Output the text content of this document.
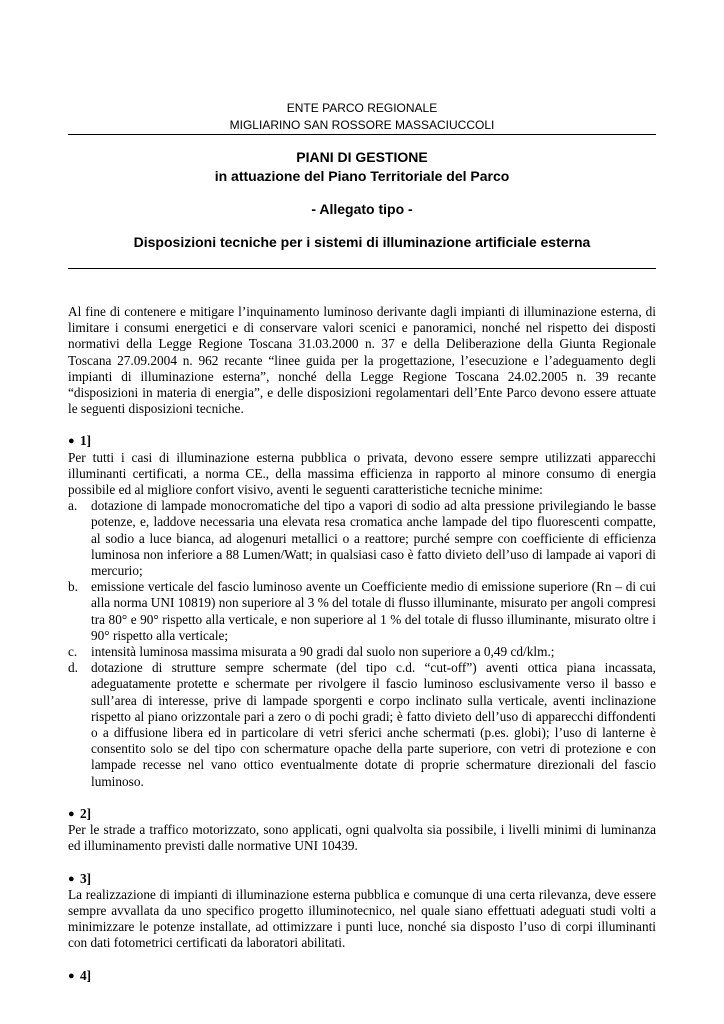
ENTE PARCO REGIONALE
MIGLIARINO SAN ROSSORE MASSACIUCCOLI
PIANI DI GESTIONE
in attuazione del Piano Territoriale del Parco
- Allegato tipo -
Disposizioni tecniche per i sistemi di illuminazione artificiale esterna

Al fine di contenere e mitigare l’inquinamento luminoso derivante dagli impianti di illuminazione esterna, di limitare i consumi energetici e di conservare valori scenici e panoramici, nonché nel rispetto dei disposti normativi della Legge Regione Toscana 31.03.2000 n. 37 e della Deliberazione della Giunta Regionale Toscana 27.09.2004 n. 962 recante “linee guida per la progettazione, l’esecuzione e l’adeguamento degli impianti di illuminazione esterna”, nonché della Legge Regione Toscana 24.02.2005 n. 39 recante “disposizioni in materia di energia”, e delle disposizioni regolamentari dell’Ente Parco devono essere attuate le seguenti disposizioni tecniche.

● 1]

Per tutti i casi di illuminazione esterna pubblica o privata, devono essere sempre utilizzati apparecchi illuminanti certificati, a norma CE., della massima efficienza in rapporto al minore consumo di energia possibile ed al migliore confort visivo, aventi le seguenti caratteristiche tecniche minime:

a.	dotazione di lampade monocromatiche del tipo a vapori di sodio ad alta pressione privilegiando le basse potenze, e, laddove necessaria una elevata resa cromatica anche lampade del tipo fluorescenti compatte, al sodio a luce bianca, ad alogenuri metallici o a reattore; purché sempre con coefficiente di efficienza luminosa non inferiore a 88 Lumen/Watt; in qualsiasi caso è fatto divieto dell’uso di lampade ai vapori di mercurio;
b. emissione verticale del fascio luminoso avente un Coefficiente medio di emissione superiore (Rn – di cui alla norma UNI 10819) non superiore al 3 % del totale di flusso illuminante, misurato per angoli compresi tra 80° e 90° rispetto alla verticale, e non superiore al 1 % del totale di flusso illuminante, misurato oltre i 90° rispetto alla verticale;
c.	intensità luminosa massima misurata a 90 gradi dal suolo non superiore a 0,49 cd/klm.;
d. dotazione di strutture sempre schermate (del tipo c.d. “cut-off”) aventi ottica piana incassata, adeguatamente protette e schermate per rivolgere il fascio luminoso esclusivamente verso il basso e sull’area di interesse, prive di lampade sporgenti e corpo inclinato sulla verticale, aventi inclinazione rispetto al piano orizzontale pari a zero o di pochi gradi; è fatto divieto dell’uso di apparecchi diffondenti o a diffusione libera ed in particolare di vetri sferici anche schermati (p.es. globi); l’uso di lanterne è consentito solo se del tipo con schermature opache della parte superiore, con vetri di protezione e con lampade recesse nel vano ottico eventualmente dotate di proprie schermature direzionali del fascio luminoso.
● 2]

Per le strade a traffico motorizzato, sono applicati, ogni qualvolta sia possibile, i livelli minimi di luminanza ed illuminamento previsti dalle normative UNI 10439.

● 3]

La realizzazione di impianti di illuminazione esterna pubblica e comunque di una certa rilevanza, deve essere sempre avvallata da uno specifico progetto illuminotecnico, nel quale siano effettuati adeguati studi volti a minimizzare le potenze installate, ad ottimizzare i punti luce, nonché sia disposto l’uso di corpi illuminanti con dati fotometrici certificati da laboratori abilitati.

● 4]
